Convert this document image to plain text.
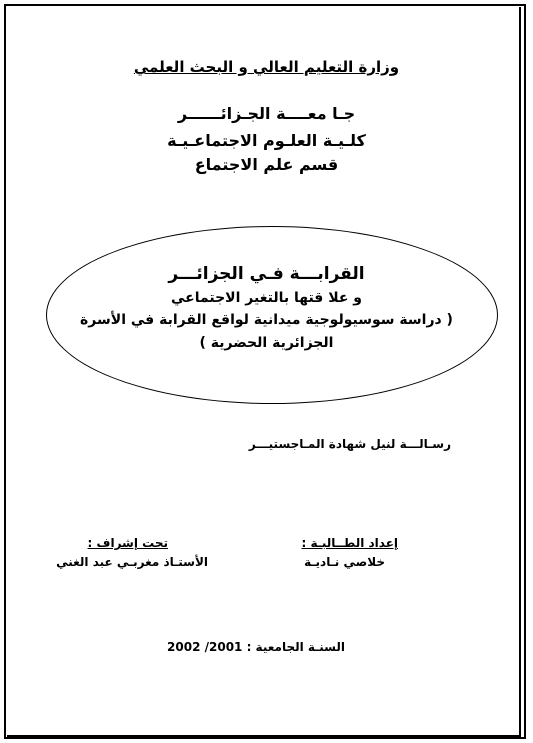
وزارة التعليم العالي و البحث العلمي
جـا معــــة الجـزائــــــر
كلـيـة العلـوم الاجتماعـيـة
قسم علم الاجتماع
القرابـــة فـي الجزائـــر
و علا قتها بالتغير الاجتماعي
( دراسة سوسيولوجية ميدانية لواقع القرابة في الأسرة
الجزائرية الحضرية )
رسـالـــة لنيل شهادة المـاجستيـــر
تحت إشراف :
الأستـاذ مغربـي عبد الغني
إعداد الطــالبـة :
خلاصي نـاديـة
السنـة الجامعية : 2001/ 2002
